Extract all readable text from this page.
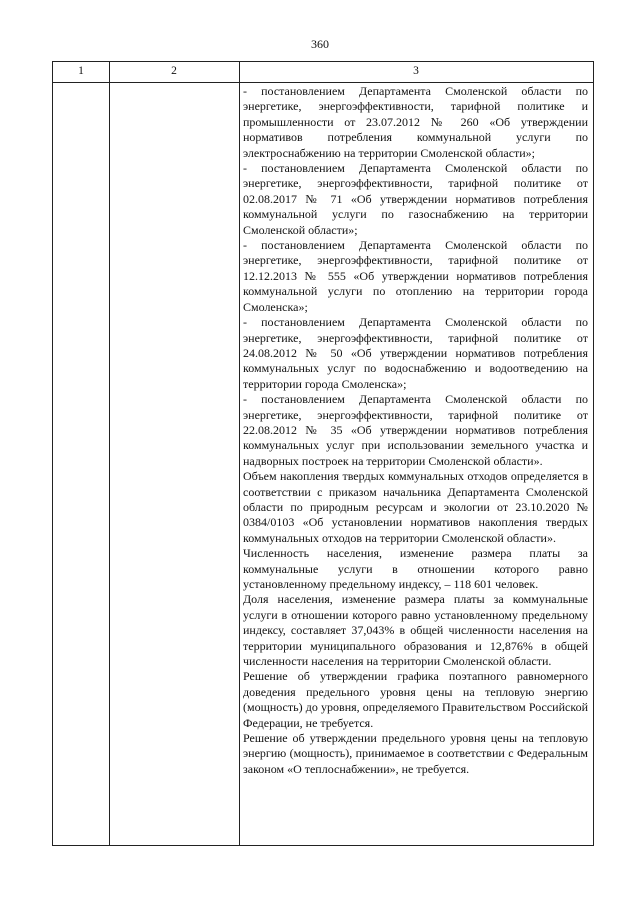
360
1	2	3

- постановлением Департамента Смоленской области по энергетике, энергоэффективности, тарифной политике и промышленности от 23.07.2012 № 260 «Об утверждении нормативов потребления коммунальной услуги по электроснабжению на территории Смоленской области»;

- постановлением Департамента Смоленской области по энергетике, энергоэффективности, тарифной политике от 02.08.2017 № 71 «Об утверждении нормативов потребления коммунальной услуги по газоснабжению на территории Смоленской области»;

- постановлением Департамента Смоленской области по энергетике, энергоэффективности, тарифной политике от 12.12.2013 № 555 «Об утверждении нормативов потребления коммунальной услуги по отоплению на территории города Смоленска»;

- постановлением Департамента Смоленской области по энергетике, энергоэффективности, тарифной политике от 24.08.2012 № 50 «Об утверждении нормативов потребления коммунальных услуг по водоснабжению и водоотведению на территории города Смоленска»;

- постановлением Департамента Смоленской области по энергетике, энергоэффективности, тарифной политике от 22.08.2012 № 35 «Об утверждении нормативов потребления коммунальных услуг при использовании земельного участка и надворных построек на территории Смоленской области».

Объем накопления твердых коммунальных отходов определяется в соответствии с приказом начальника Департамента Смоленской области по природным ресурсам и экологии от 23.10.2020 № 0384/0103 «Об установлении нормативов накопления твердых коммунальных отходов на территории Смоленской области».

Численность населения, изменение размера платы за коммунальные услуги в отношении которого равно установленному предельному индексу, – 118 601 человек.

Доля населения, изменение размера платы за коммунальные услуги в отношении которого равно установленному предельному индексу, составляет 37,043% в общей численности населения на территории муниципального образования и 12,876% в общей численности населения на территории Смоленской области.

Решение об утверждении графика поэтапного равномерного доведения предельного уровня цены на тепловую энергию (мощность) до уровня, определяемого Правительством Российской Федерации, не требуется.

Решение об утверждении предельного уровня цены на тепловую энергию (мощность), принимаемое в соответствии с Федеральным законом «О теплоснабжении», не требуется.
